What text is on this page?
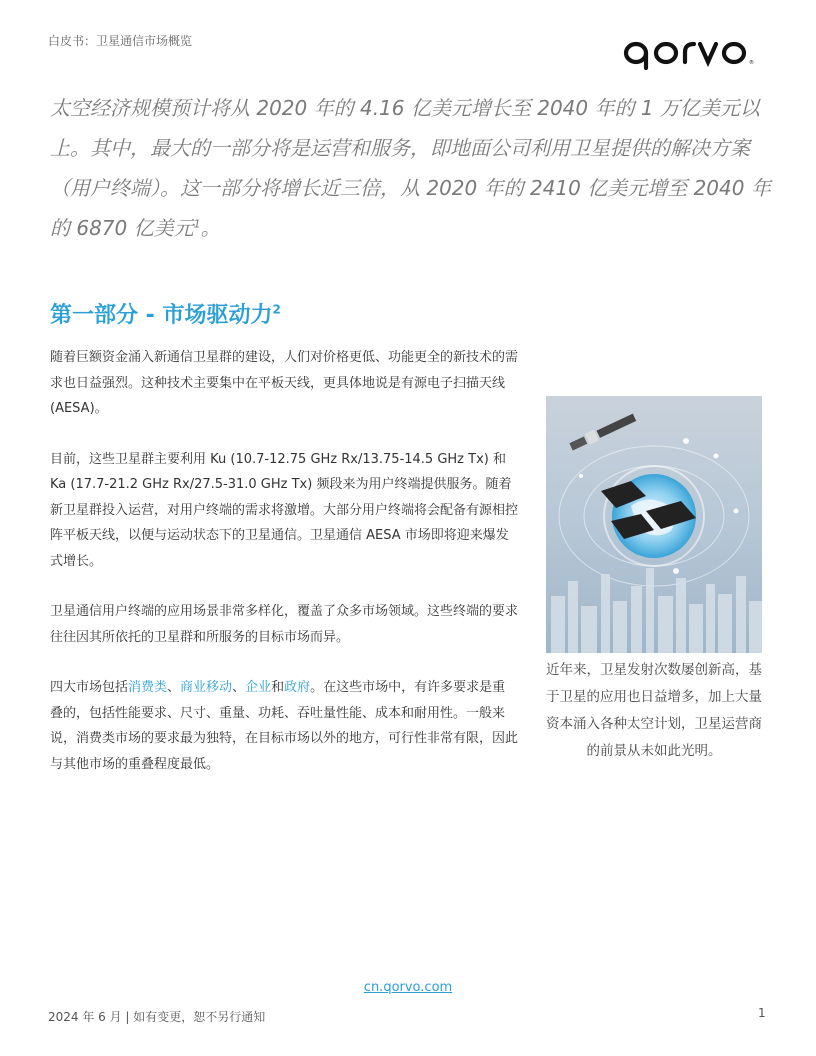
白皮书：卫星通信市场概览
®
太空经济规模预计将从 2020 年的 4.16 亿美元增长至 2040 年的 1 万亿美元以上。其中，最大的一部分将是运营和服务，即地面公司利用卫星提供的解决方案（用户终端）。这一部分将增长近三倍，从 2020 年的 2410 亿美元增至 2040 年的 6870 亿美元$^1$。
第一部分 - 市场驱动力$^2$

随着巨额资金涌入新通信卫星群的建设，人们对价格更低、功能更全的新技术的需求也日益强烈。这种技术主要集中在平板天线，更具体地说是有源电子扫描天线 (AESA)。

目前，这些卫星群主要利用 Ku (10.7-12.75 GHz Rx/13.75-14.5 GHz Tx) 和 Ka (17.7-21.2 GHz Rx/27.5-31.0 GHz Tx) 频段来为用户终端提供服务。随着新卫星群投入运营，对用户终端的需求将激增。大部分用户终端将会配备有源相控阵平板天线，以便与运动状态下的卫星通信。卫星通信 AESA 市场即将迎来爆发式增长。

卫星通信用户终端的应用场景非常多样化，覆盖了众多市场领域。这些终端的要求往往因其所依托的卫星群和所服务的目标市场而异。

四大市场包括消费类、商业移动、企业和政府。在这些市场中，有许多要求是重叠的，包括性能要求、尺寸、重量、功耗、吞吐量性能、成本和耐用性。一般来说，消费类市场的要求最为独特，在目标市场以外的地方，可行性非常有限，因此与其他市场的重叠程度最低。

近年来，卫星发射次数屡创新高，基于卫星的应用也日益增多，加上大量资本涌入各种太空计划，卫星运营商的前景从未如此光明。
cn.qorvo.com
2024 年 6 月 | 如有变更，恕不另行通知	1
